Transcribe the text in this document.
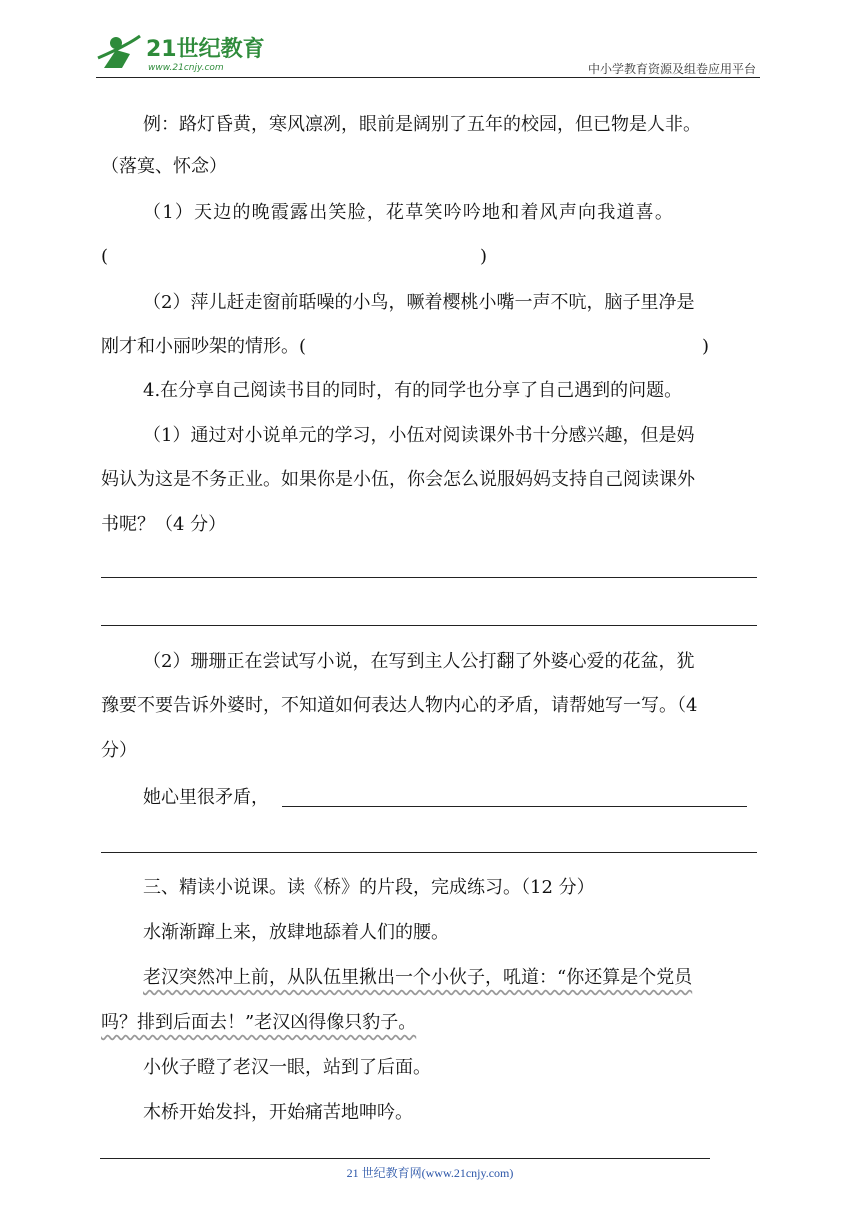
21世纪教育
www.21cnjy.com	中小学教育资源及组卷应用平台
例：路灯昏黄，寒风凛冽，眼前是阔别了五年的校园，但已物是人非。
（落寞、怀念）
（1）天边的晚霞露出笑脸，花草笑吟吟地和着风声向我道喜。
(	)
（2）萍儿赶走窗前聒噪的小鸟，噘着樱桃小嘴一声不吭，脑子里净是
刚才和小丽吵架的情形。(	)
4.在分享自己阅读书目的同时，有的同学也分享了自己遇到的问题。
（1）通过对小说单元的学习，小伍对阅读课外书十分感兴趣，但是妈
妈认为这是不务正业。如果你是小伍，你会怎么说服妈妈支持自己阅读课外
书呢？（4 分）
（2）珊珊正在尝试写小说，在写到主人公打翻了外婆心爱的花盆，犹
豫要不要告诉外婆时，不知道如何表达人物内心的矛盾，请帮她写一写。（4
分）
她心里很矛盾，
三、精读小说课。读《桥》的片段，完成练习。（12 分）
水渐渐蹿上来，放肆地舔着人们的腰。
老汉突然冲上前，从队伍里揪出一个小伙子，吼道：“你还算是个党员
吗？排到后面去！”老汉凶得像只豹子。
小伙子瞪了老汉一眼，站到了后面。
木桥开始发抖，开始痛苦地呻吟。
21 世纪教育网(www.21cnjy.com)
